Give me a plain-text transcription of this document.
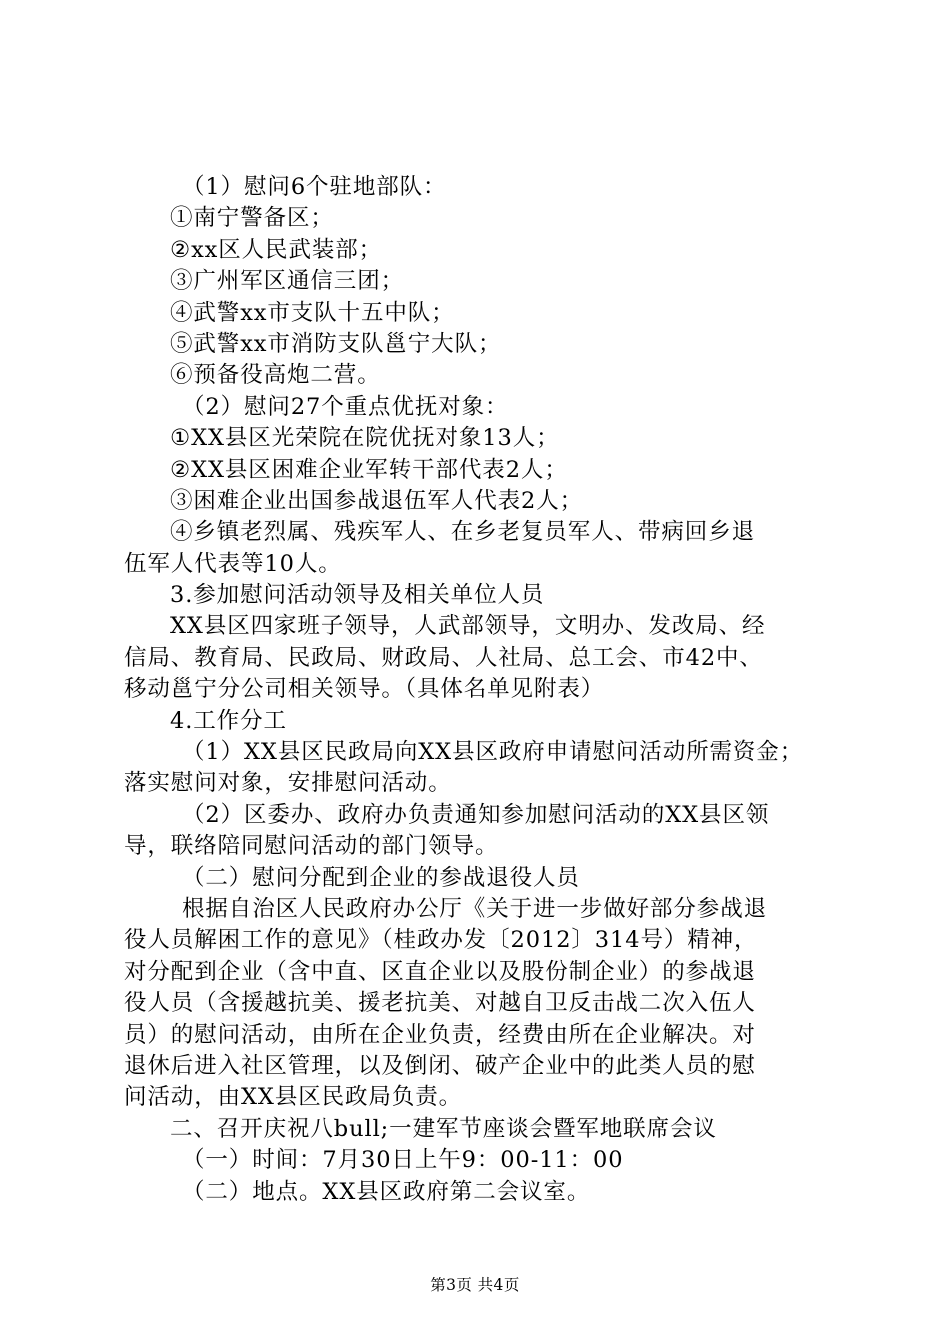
（1）慰问6个驻地部队：
①南宁警备区；
②xx区人民武装部；
③广州军区通信三团；
④武警xx市支队十五中队；
⑤武警xx市消防支队邕宁大队；
⑥预备役高炮二营。
（2）慰问27个重点优抚对象：
①XX县区光荣院在院优抚对象13人；
②XX县区困难企业军转干部代表2人；
③困难企业出国参战退伍军人代表2人；
④乡镇老烈属、残疾军人、在乡老复员军人、带病回乡退
伍军人代表等10人。
3.参加慰问活动领导及相关单位人员
XX县区四家班子领导，人武部领导，文明办、发改局、经
信局、教育局、民政局、财政局、人社局、总工会、市42中、
移动邕宁分公司相关领导。（具体名单见附表）
4.工作分工
（1）XX县区民政局向XX县区政府申请慰问活动所需资金；
落实慰问对象，安排慰问活动。
（2）区委办、政府办负责通知参加慰问活动的XX县区领
导，联络陪同慰问活动的部门领导。
（二）慰问分配到企业的参战退役人员
根据自治区人民政府办公厅《关于进一步做好部分参战退
役人员解困工作的意见》（桂政办发〔2012〕314号）精神，
对分配到企业（含中直、区直企业以及股份制企业）的参战退
役人员（含援越抗美、援老抗美、对越自卫反击战二次入伍人
员）的慰问活动，由所在企业负责，经费由所在企业解决。对
退休后进入社区管理，以及倒闭、破产企业中的此类人员的慰
问活动，由XX县区民政局负责。
二、召开庆祝八bull;一建军节座谈会暨军地联席会议
（一）时间：7月30日上午9：00-11：00
（二）地点。XX县区政府第二会议室。
第3页 共4页
